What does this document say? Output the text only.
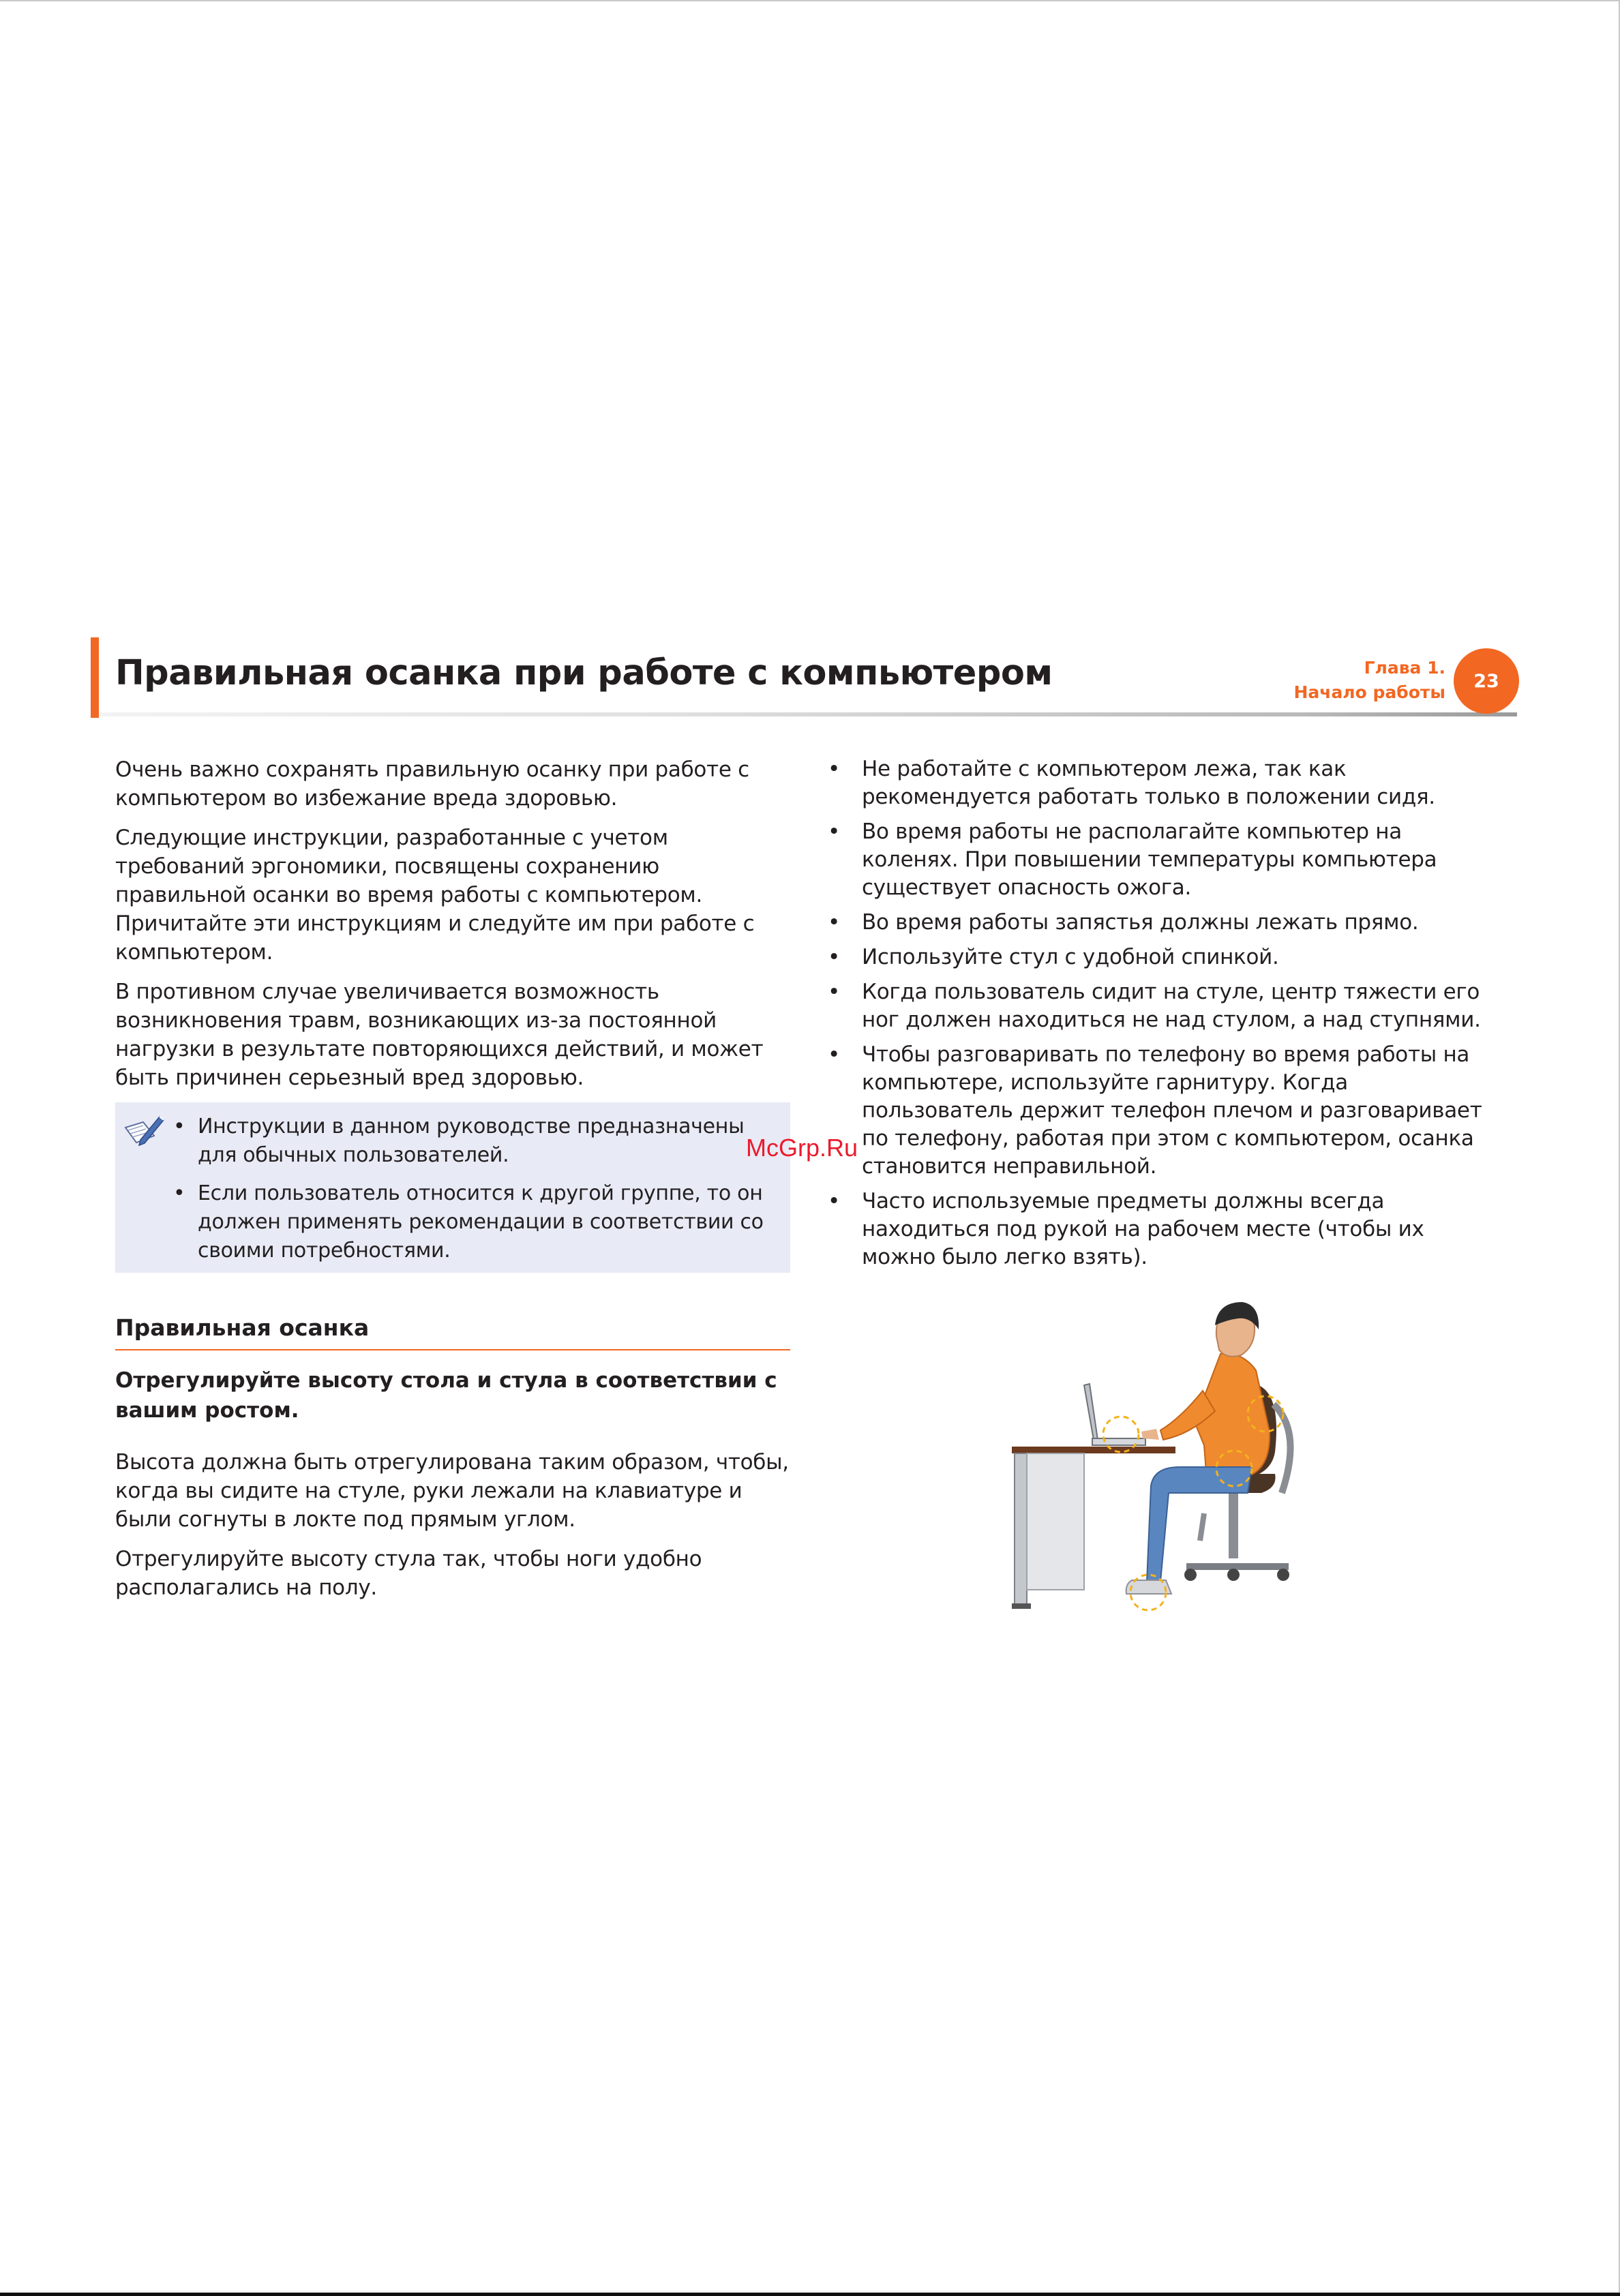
Правильная осанка при работе с компьютером	Глава 1.
Начало работы
23

Очень важно сохранять правильную осанку при работе с компьютером во избежание вреда здоровью.

Следующие инструкции, разработанные с учетом требований эргономики, посвящены сохранению правильной осанки во время работы с компьютером. Причитайте эти инструкциям и следуйте им при работе с компьютером.

В противном случае увеличивается возможность возникновения травм, возникающих из-за постоянной нагрузки в результате повторяющихся действий, и может быть причинен серьезный вред здоровью.

• Инструкции в данном руководстве предназначены для обычных пользователей.
• Если пользователь относится к другой группе, то он должен применять рекомендации в соответствии со своими потребностями.
Правильная осанка
Отрегулируйте высоту стола и стула в соответствии с вашим ростом.

Высота должна быть отрегулирована таким образом, чтобы, когда вы сидите на стуле, руки лежали на клавиатуре и были согнуты в локте под прямым углом.

Отрегулируйте высоту стула так, чтобы ноги удобно располагались на полу.

• Не работайте с компьютером лежа, так как рекомендуется работать только в положении сидя.
• Во время работы не располагайте компьютер на коленях. При повышении температуры компьютера существует опасность ожога.
• Во время работы запястья должны лежать прямо.
• Используйте стул с удобной спинкой.
• Когда пользователь сидит на стуле, центр тяжести его ног должен находиться не над стулом, а над ступнями.
• Чтобы разговаривать по телефону во время работы на компьютере, используйте гарнитуру. Когда пользователь держит телефон плечом и разговаривает по телефону, работая при этом с компьютером, осанка становится неправильной.
• Часто используемые предметы должны всегда находиться под рукой на рабочем месте (чтобы их можно было легко взять).
McGrp.Ru
